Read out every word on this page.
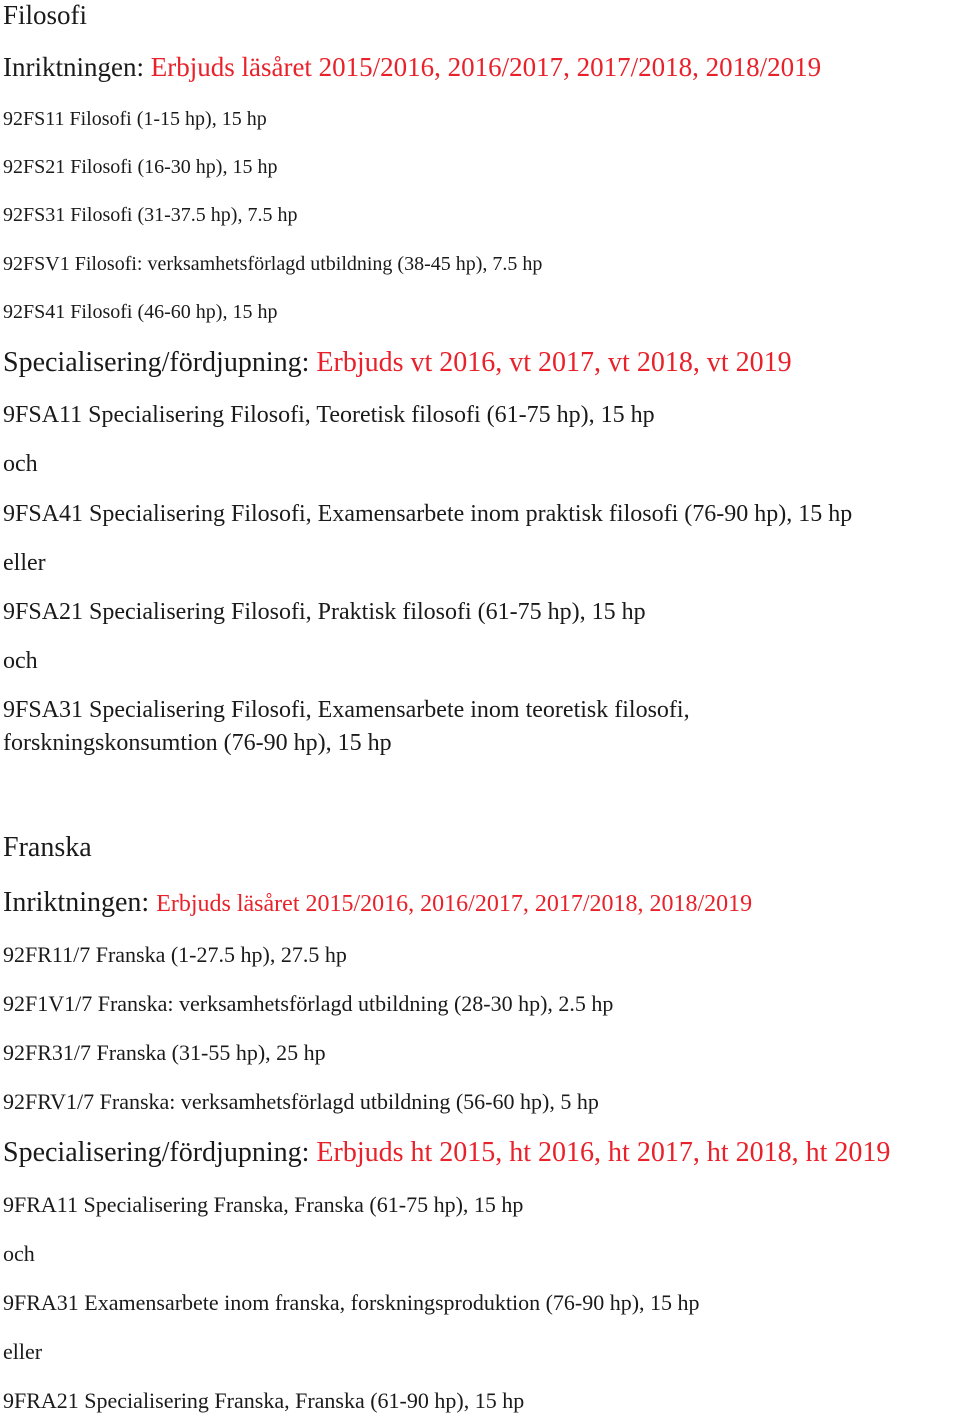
Filosofi
Inriktningen: Erbjuds läsåret 2015/2016, 2016/2017, 2017/2018, 2018/2019
92FS11 Filosofi (1-15 hp), 15 hp
92FS21 Filosofi (16-30 hp), 15 hp
92FS31 Filosofi (31-37.5 hp), 7.5 hp
92FSV1 Filosofi: verksamhetsförlagd utbildning (38-45 hp), 7.5 hp
92FS41 Filosofi (46-60 hp), 15 hp
Specialisering/fördjupning: Erbjuds vt 2016, vt 2017, vt 2018, vt 2019
9FSA11 Specialisering Filosofi, Teoretisk filosofi (61-75 hp), 15 hp
och
9FSA41 Specialisering Filosofi, Examensarbete inom praktisk filosofi (76-90 hp), 15 hp
eller
9FSA21 Specialisering Filosofi, Praktisk filosofi (61-75 hp), 15 hp
och
9FSA31 Specialisering Filosofi, Examensarbete inom teoretisk filosofi,
forskningskonsumtion (76-90 hp), 15 hp
Franska
Inriktningen: Erbjuds läsåret 2015/2016, 2016/2017, 2017/2018, 2018/2019
92FR11/7 Franska (1-27.5 hp), 27.5 hp
92F1V1/7 Franska: verksamhetsförlagd utbildning (28-30 hp), 2.5 hp
92FR31/7 Franska (31-55 hp), 25 hp
92FRV1/7 Franska: verksamhetsförlagd utbildning (56-60 hp), 5 hp
Specialisering/fördjupning: Erbjuds ht 2015, ht 2016, ht 2017, ht 2018, ht 2019
9FRA11 Specialisering Franska, Franska (61-75 hp), 15 hp
och
9FRA31 Examensarbete inom franska, forskningsproduktion (76-90 hp), 15 hp
eller
9FRA21 Specialisering Franska, Franska (61-90 hp), 15 hp
